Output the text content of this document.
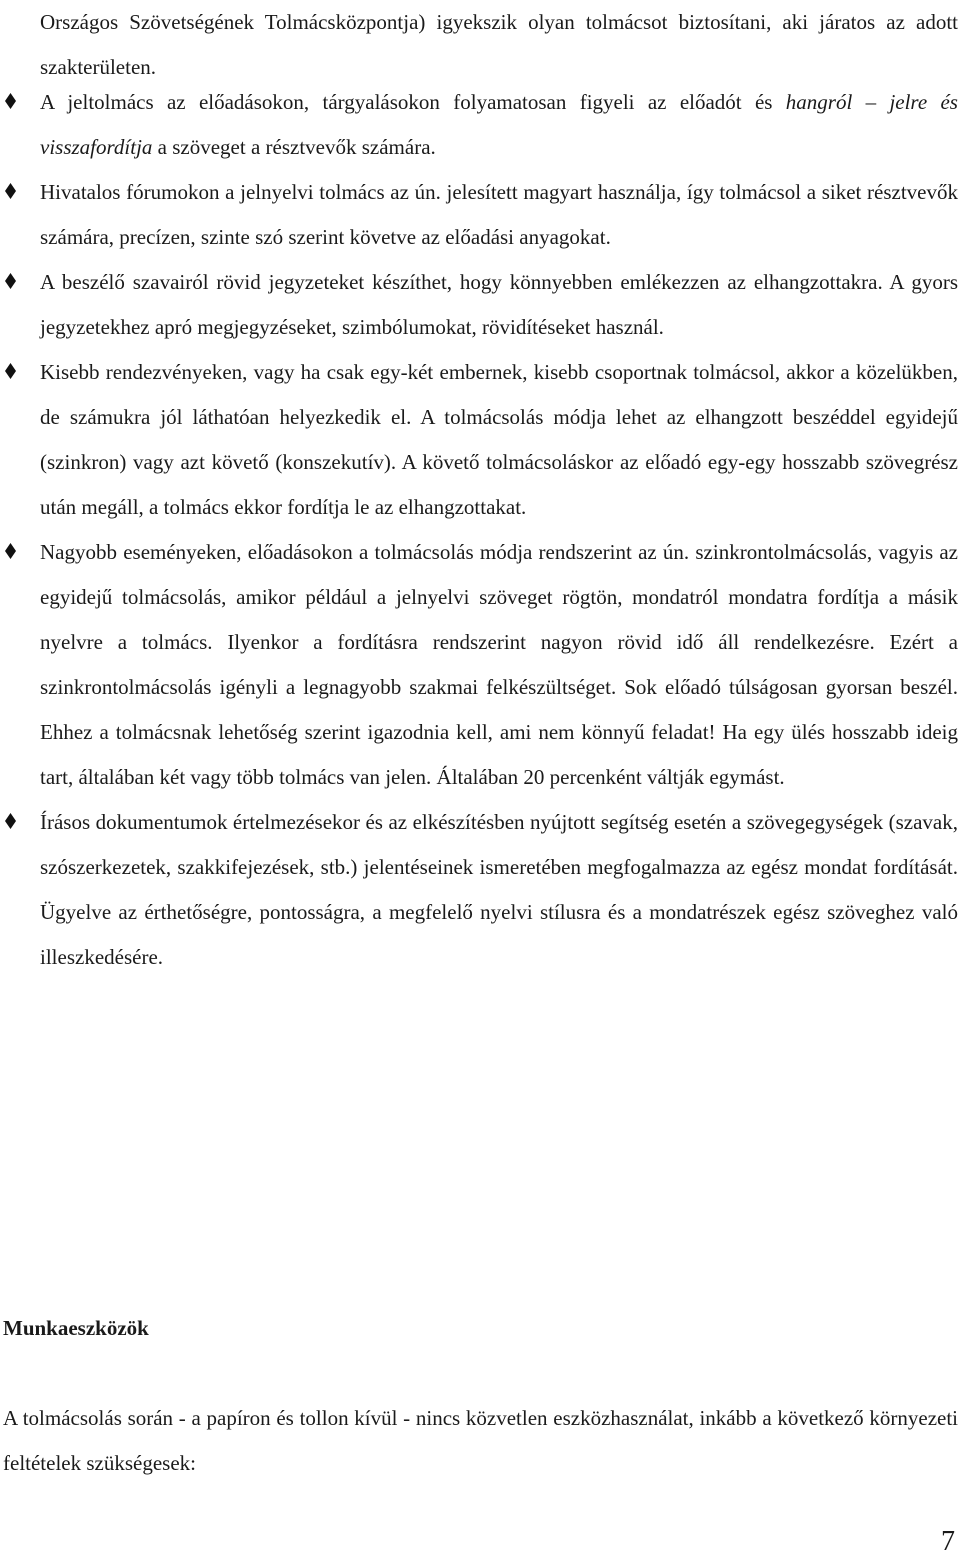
Országos Szövetségének Tolmácsközpontja) igyekszik olyan tolmácsot biztosítani, aki járatos az adott szakterületen.
A jeltolmács az előadásokon, tárgyalásokon folyamatosan figyeli az előadót és hangról – jelre és visszafordítja a szöveget a résztvevők számára.
Hivatalos fórumokon a jelnyelvi tolmács az ún. jelesített magyart használja, így tolmácsol a siket résztvevők számára, precízen, szinte szó szerint követve az előadási anyagokat.
A beszélő szavairól rövid jegyzeteket készíthet, hogy könnyebben emlékezzen az elhangzottakra. A gyors jegyzetekhez apró megjegyzéseket, szimbólumokat, rövidítéseket használ.
Kisebb rendezvényeken, vagy ha csak egy-két embernek, kisebb csoportnak tolmácsol, akkor a közelükben, de számukra jól láthatóan helyezkedik el. A tolmácsolás módja lehet az elhangzott beszéddel egyidejű (szinkron) vagy azt követő (konszekutív). A követő tolmácsoláskor az előadó egy-egy hosszabb szövegrész után megáll, a tolmács ekkor fordítja le az elhangzottakat.
Nagyobb eseményeken, előadásokon a tolmácsolás módja rendszerint az ún. szinkrontolmácsolás, vagyis az egyidejű tolmácsolás, amikor például a jelnyelvi szöveget rögtön, mondatról mondatra fordítja a másik nyelvre a tolmács. Ilyenkor a fordításra rendszerint nagyon rövid idő áll rendelkezésre. Ezért a szinkrontolmácsolás igényli a legnagyobb szakmai felkészültséget. Sok előadó túlságosan gyorsan beszél. Ehhez a tolmácsnak lehetőség szerint igazodnia kell, ami nem könnyű feladat! Ha egy ülés hosszabb ideig tart, általában két vagy több tolmács van jelen. Általában 20 percenként váltják egymást.
Írásos dokumentumok értelmezésekor és az elkészítésben nyújtott segítség esetén a szövegegységek (szavak, szószerkezetek, szakkifejezések, stb.) jelentéseinek ismeretében megfogalmazza az egész mondat fordítását. Ügyelve az érthetőségre, pontosságra, a megfelelő nyelvi stílusra és a mondatrészek egész szöveghez való illeszkedésére.
Munkaeszközök
A tolmácsolás során - a papíron és tollon kívül - nincs közvetlen eszközhasználat, inkább a következő környezeti feltételek szükségesek:
7
